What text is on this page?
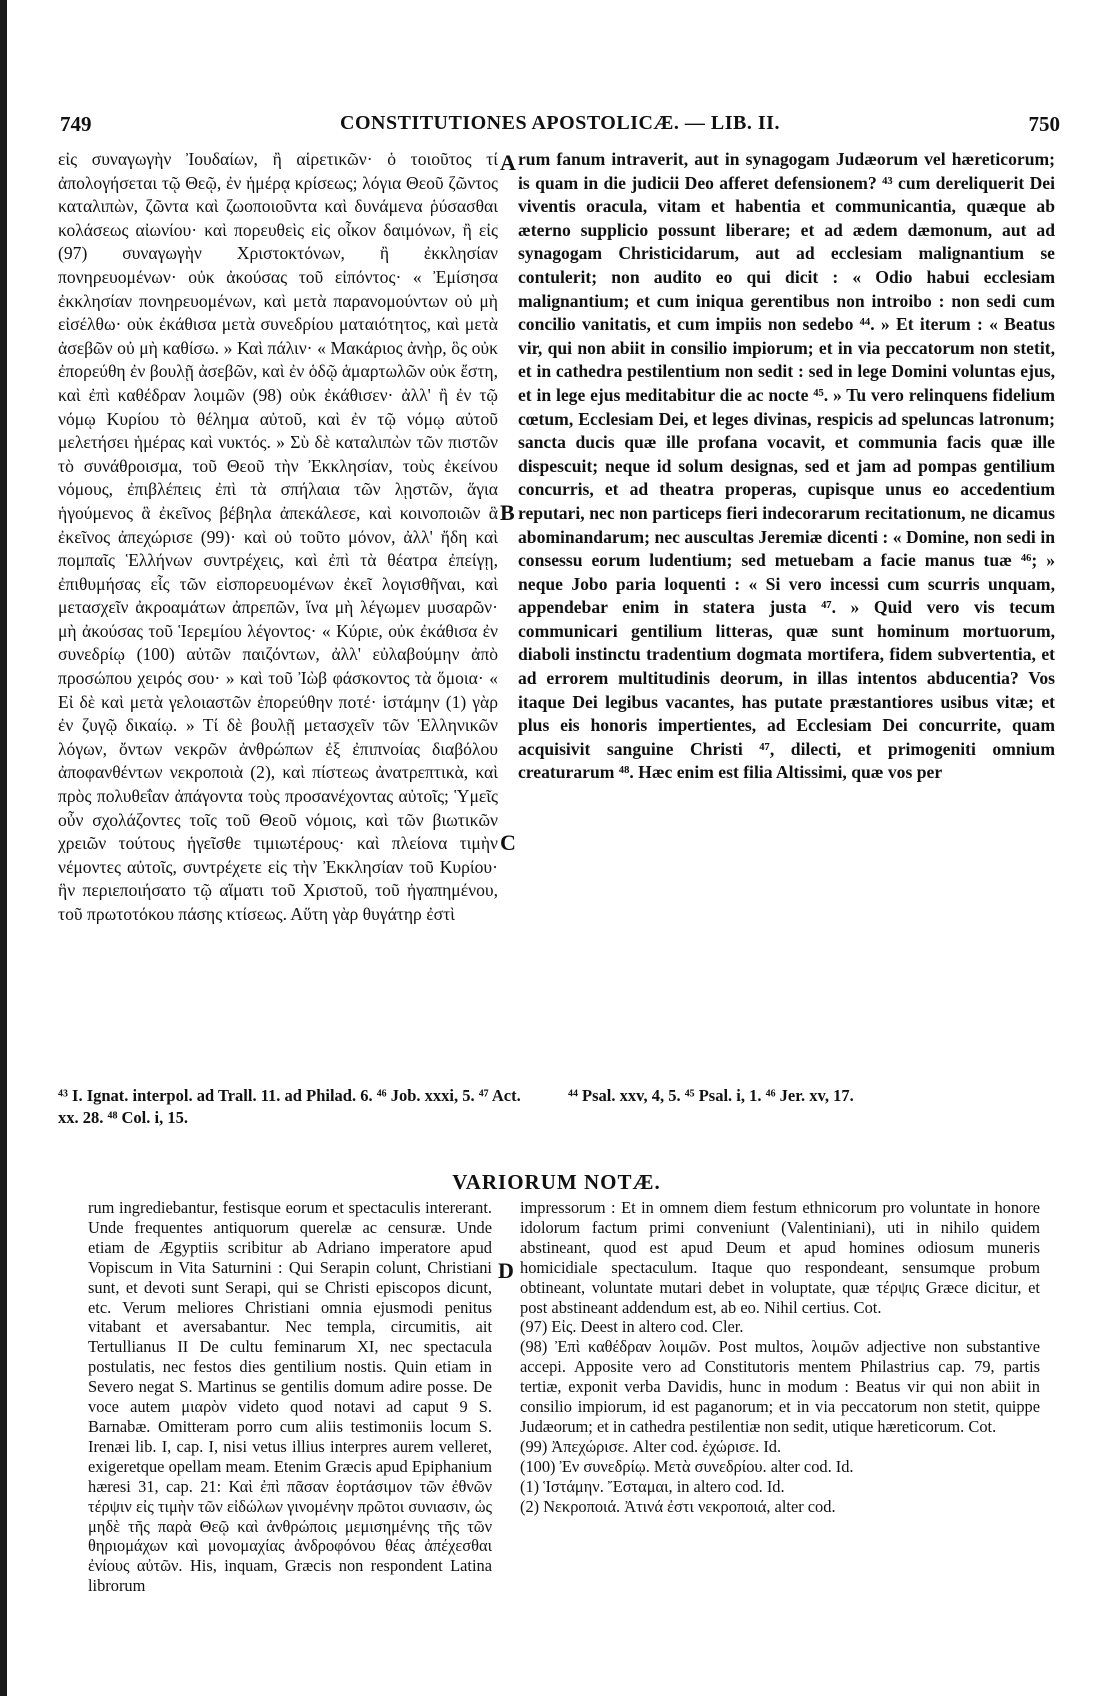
749	CONSTITUTIONES APOSTOLICÆ. — LIB. II.	750
εἰς συναγωγὴν Ἰουδαίων, ἢ αἱρετικῶν· ὁ τοιοῦτος τί ἀπολογήσεται τῷ Θεῷ, ἐν ἡμέρᾳ κρίσεως; λόγια Θεοῦ ζῶντος καταλιπὼν, ζῶντα καὶ ζωοποιοῦντα καὶ δυνάμενα ῥύσασθαι κολάσεως αἰωνίου· καὶ πορευθεὶς εἰς οἶκον δαιμόνων, ἢ εἰς (97) συναγωγὴν Χριστοκτόνων, ἢ ἐκκλησίαν πονηρευομένων· οὐκ ἀκούσας τοῦ εἰπόντος· « Ἐμίσησα ἐκκλησίαν πονηρευομένων, καὶ μετὰ παρανομούντων οὐ μὴ εἰσέλθω· οὐκ ἐκάθισα μετὰ συνεδρίου ματαιότητος, καὶ μετὰ ἀσεβῶν οὐ μὴ καθίσω. » Καὶ πάλιν· « Μακάριος ἀνὴρ, ὃς οὐκ ἐπορεύθη ἐν βουλῇ ἀσεβῶν, καὶ ἐν ὁδῷ ἁμαρτωλῶν οὐκ ἔστη, καὶ ἐπὶ καθέδραν λοιμῶν (98) οὐκ ἐκάθισεν· ἀλλ' ἢ ἐν τῷ νόμῳ Κυρίου τὸ θέλημα αὐτοῦ, καὶ ἐν τῷ νόμῳ αὐτοῦ μελετήσει ἡμέρας καὶ νυκτός. » Σὺ δὲ καταλιπὼν τῶν πιστῶν τὸ συνάθροισμα, τοῦ Θεοῦ τὴν Ἐκκλησίαν, τοὺς ἐκείνου νόμους, ἐπιβλέπεις ἐπὶ τὰ σπήλαια τῶν λῃστῶν, ἅγια ἡγούμενος ἃ ἐκεῖνος βέβηλα ἀπεκάλεσε, καὶ κοινοποιῶν ἃ ἐκεῖνος ἀπεχώρισε (99)· καὶ οὐ τοῦτο μόνον, ἀλλ' ἤδη καὶ πομπαῖς Ἑλλήνων συντρέχεις, καὶ ἐπὶ τὰ θέατρα ἐπείγῃ, ἐπιθυμήσας εἷς τῶν εἰσπορευομένων ἐκεῖ λογισθῆναι, καὶ μετασχεῖν ἀκροαμάτων ἀπρεπῶν, ἵνα μὴ λέγωμεν μυσαρῶν· μὴ ἀκούσας τοῦ Ἱερεμίου λέγοντος· « Κύριε, οὐκ ἐκάθισα ἐν συνεδρίῳ (100) αὐτῶν παιζόντων, ἀλλ' εὐλαβούμην ἀπὸ προσώπου χειρός σου· » καὶ τοῦ Ἰὼβ φάσκοντος τὰ ὅμοια· « Εἰ δὲ καὶ μετὰ γελοιαστῶν ἐπορεύθην ποτέ· ἱστάμην (1) γὰρ ἐν ζυγῷ δικαίῳ. » Τί δὲ βουλῇ μετασχεῖν τῶν Ἑλληνικῶν λόγων, ὄντων νεκρῶν ἀνθρώπων ἐξ ἐπιπνοίας διαβόλου ἀποφανθέντων νεκροποιὰ (2), καὶ πίστεως ἀνατρεπτικὰ, καὶ πρὸς πολυθεΐαν ἀπάγοντα τοὺς προσανέχοντας αὐτοῖς; Ὑμεῖς οὖν σχολάζοντες τοῖς τοῦ Θεοῦ νόμοις, καὶ τῶν βιωτικῶν χρειῶν τούτους ἡγεῖσθε τιμιωτέρους· καὶ πλείονα τιμὴν νέμοντες αὐτοῖς, συντρέχετε εἰς τὴν Ἐκκλησίαν τοῦ Κυρίου· ἣν περιεποιήσατο τῷ αἵματι τοῦ Χριστοῦ, τοῦ ἠγαπημένου, τοῦ πρωτοτόκου πάσης κτίσεως. Αὕτη γὰρ θυγάτηρ ἐστὶ
rum fanum intraverit, aut in synagogam Judæorum vel hæreticorum; is quam in die judicii Deo afferet defensionem? ⁴³ cum dereliquerit Dei viventis oracula, vitam et habentia et communicantia, quæque ab æterno supplicio possunt liberare; et ad ædem dæmonum, aut ad synagogam Christicidarum, aut ad ecclesiam malignantium se contulerit; non audito eo qui dicit : « Odio habui ecclesiam malignantium; et cum iniqua gerentibus non introibo : non sedi cum concilio vanitatis, et cum impiis non sedebo ⁴⁴. » Et iterum : « Beatus vir, qui non abiit in consilio impiorum; et in via peccatorum non stetit, et in cathedra pestilentium non sedit : sed in lege Domini voluntas ejus, et in lege ejus meditabitur die ac nocte ⁴⁵. » Tu vero relinquens fidelium cœtum, Ecclesiam Dei, et leges divinas, respicis ad speluncas latronum; sancta ducis quæ ille profana vocavit, et communia facis quæ ille dispescuit; neque id solum designas, sed et jam ad pompas gentilium concurris, et ad theatra properas, cupisque unus eo accedentium reputari, nec non particeps fieri indecorarum recitationum, ne dicamus abominandarum; nec auscultas Jeremiæ dicenti : « Domine, non sedi in consessu eorum ludentium; sed metuebam a facie manus tuæ ⁴⁶; » neque Jobo paria loquenti : « Si vero incessi cum scurris unquam, appendebar enim in statera justa ⁴⁷. » Quid vero vis tecum communicari gentilium litteras, quæ sunt hominum mortuorum, diaboli instinctu tradentium dogmata mortifera, fidem subvertentia, et ad errorem multitudinis deorum, in illas intentos abducentia? Vos itaque Dei legibus vacantes, has putate præstantiores usibus vitæ; et plus eis honoris impertientes, ad Ecclesiam Dei concurrite, quam acquisivit sanguine Christi ⁴⁷, dilecti, et primogeniti omnium creaturarum ⁴⁸. Hæc enim est filia Altissimi, quæ vos per
A
B
C
D
⁴³ I. Ignat. interpol. ad Trall. 11. ad Philad. 6. ⁴⁶ Job. xxxi, 5. ⁴⁷ Act. xx. 28. ⁴⁸ Col. i, 15.
⁴⁴ Psal. xxv, 4, 5. ⁴⁵ Psal. i, 1. ⁴⁶ Jer. xv, 17.
VARIORUM NOTÆ.
rum ingrediebantur, festisque eorum et spectaculis intererant. Unde frequentes antiquorum querelæ ac censuræ. Unde etiam de Ægyptiis scribitur ab Adriano imperatore apud Vopiscum in Vita Saturnini : Qui Serapin colunt, Christiani sunt, et devoti sunt Serapi, qui se Christi episcopos dicunt, etc. Verum meliores Christiani omnia ejusmodi penitus vitabant et aversabantur. Nec templa, circumitis, ait Tertullianus II De cultu feminarum XI, nec spectacula postulatis, nec festos dies gentilium nostis. Quin etiam in Severo negat S. Martinus se gentilis domum adire posse. De voce autem μιαρὸν videto quod notavi ad caput 9 S. Barnabæ. Omitteram porro cum aliis testimoniis locum S. Irenæi lib. I, cap. I, nisi vetus illius interpres aurem velleret, exigeretque opellam meam. Etenim Græcis apud Epiphanium hæresi 31, cap. 21: Καὶ ἐπὶ πᾶσαν ἑορτάσιμον τῶν ἐθνῶν τέρψιν εἰς τιμὴν τῶν εἰδώλων γινομένην πρῶτοι συνιασιν, ὡς μηδὲ τῆς παρὰ Θεῷ καὶ ἀνθρώποις μεμισημένης τῆς τῶν θηριομάχων καὶ μονομαχίας ἀνδροφόνου θέας ἀπέχεσθαι ἐνίους αὐτῶν. His, inquam, Græcis non respondent Latina librorum

impressorum : Et in omnem diem festum ethnicorum pro voluntate in honore idolorum factum primi conveniunt (Valentiniani), uti in nihilo quidem abstineant, quod est apud Deum et apud homines odiosum muneris homicidiale spectaculum. Itaque quo respondeant, sensumque probum obtineant, voluntate mutari debet in voluptate, quæ τέρψις Græce dicitur, et post abstineant addendum est, ab eo. Nihil certius. Cot.

(97) Εἰς. Deest in altero cod. Cler.
(98) Ἐπὶ καθέδραν λοιμῶν. Post multos, λοιμῶν adjective non substantive accepi. Apposite vero ad Constitutoris mentem Philastrius cap. 79, partis tertiæ, exponit verba Davidis, hunc in modum : Beatus vir qui non abiit in consilio impiorum, id est paganorum; et in via peccatorum non stetit, quippe Judæorum; et in cathedra pestilentiæ non sedit, utique hæreticorum. Cot.
(99) Ἀπεχώρισε. Alter cod. ἐχώρισε. Id.
(100) Ἐν συνεδρίῳ. Μετὰ συνεδρίου. alter cod. Id.
(1) Ἱστάμην. Ἔσταμαι, in altero cod. Id.
(2) Νεκροποιά. Ἀτινά ἐστι νεκροποιά, alter cod.
